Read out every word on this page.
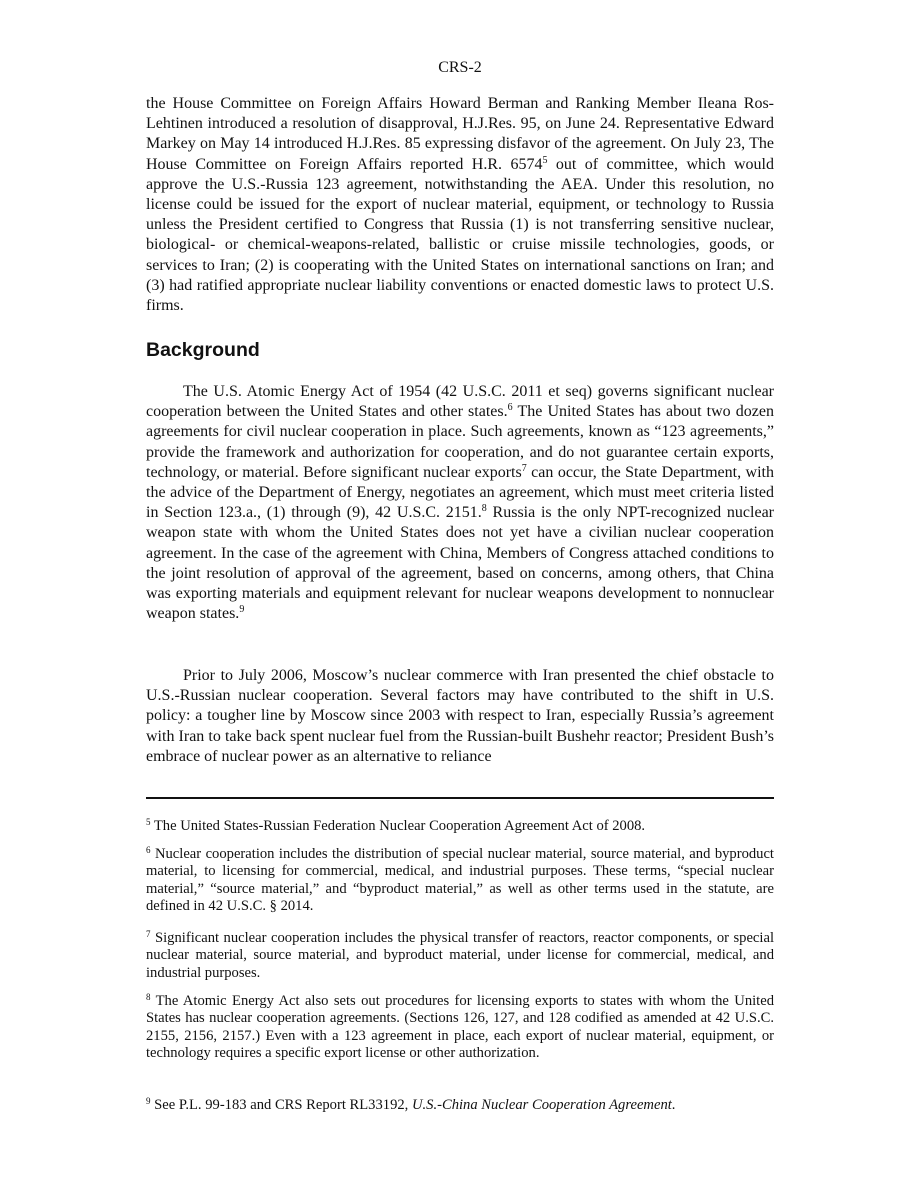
CRS-2

the House Committee on Foreign Affairs Howard Berman and Ranking Member Ileana Ros-Lehtinen introduced a resolution of disapproval, H.J.Res. 95, on June 24. Representative Edward Markey on May 14 introduced H.J.Res. 85 expressing disfavor of the agreement. On July 23, The House Committee on Foreign Affairs reported H.R. 6574$^5$ out of committee, which would approve the U.S.-Russia 123 agreement, notwithstanding the AEA. Under this resolution, no license could be issued for the export of nuclear material, equipment, or technology to Russia unless the President certified to Congress that Russia (1) is not transferring sensitive nuclear, biological- or chemical-weapons-related, ballistic or cruise missile technologies, goods, or services to Iran; (2) is cooperating with the United States on international sanctions on Iran; and (3) had ratified appropriate nuclear liability conventions or enacted domestic laws to protect U.S. firms.

Background

The U.S. Atomic Energy Act of 1954 (42 U.S.C. 2011 et seq) governs significant nuclear cooperation between the United States and other states.$^6$ The United States has about two dozen agreements for civil nuclear cooperation in place. Such agreements, known as “123 agreements,” provide the framework and authorization for cooperation, and do not guarantee certain exports, technology, or material. Before significant nuclear exports$^7$ can occur, the State Department, with the advice of the Department of Energy, negotiates an agreement, which must meet criteria listed in Section 123.a., (1) through (9), 42 U.S.C. 2151.$^8$ Russia is the only NPT-recognized nuclear weapon state with whom the United States does not yet have a civilian nuclear cooperation agreement. In the case of the agreement with China, Members of Congress attached conditions to the joint resolution of approval of the agreement, based on concerns, among others, that China was exporting materials and equipment relevant for nuclear weapons development to nonnuclear weapon states.$^9$

Prior to July 2006, Moscow’s nuclear commerce with Iran presented the chief obstacle to U.S.-Russian nuclear cooperation. Several factors may have contributed to the shift in U.S. policy: a tougher line by Moscow since 2003 with respect to Iran, especially Russia’s agreement with Iran to take back spent nuclear fuel from the Russian-built Bushehr reactor; President Bush’s embrace of nuclear power as an alternative to reliance

$^5$ The United States-Russian Federation Nuclear Cooperation Agreement Act of 2008.

$^6$ Nuclear cooperation includes the distribution of special nuclear material, source material, and byproduct material, to licensing for commercial, medical, and industrial purposes. These terms, “special nuclear material,” “source material,” and “byproduct material,” as well as other terms used in the statute, are defined in 42 U.S.C. § 2014.

$^7$ Significant nuclear cooperation includes the physical transfer of reactors, reactor components, or special nuclear material, source material, and byproduct material, under license for commercial, medical, and industrial purposes.

$^8$ The Atomic Energy Act also sets out procedures for licensing exports to states with whom the United States has nuclear cooperation agreements. (Sections 126, 127, and 128 codified as amended at 42 U.S.C. 2155, 2156, 2157.) Even with a 123 agreement in place, each export of nuclear material, equipment, or technology requires a specific export license or other authorization.

$^9$ See P.L. 99-183 and CRS Report RL33192, U.S.-China Nuclear Cooperation Agreement.
